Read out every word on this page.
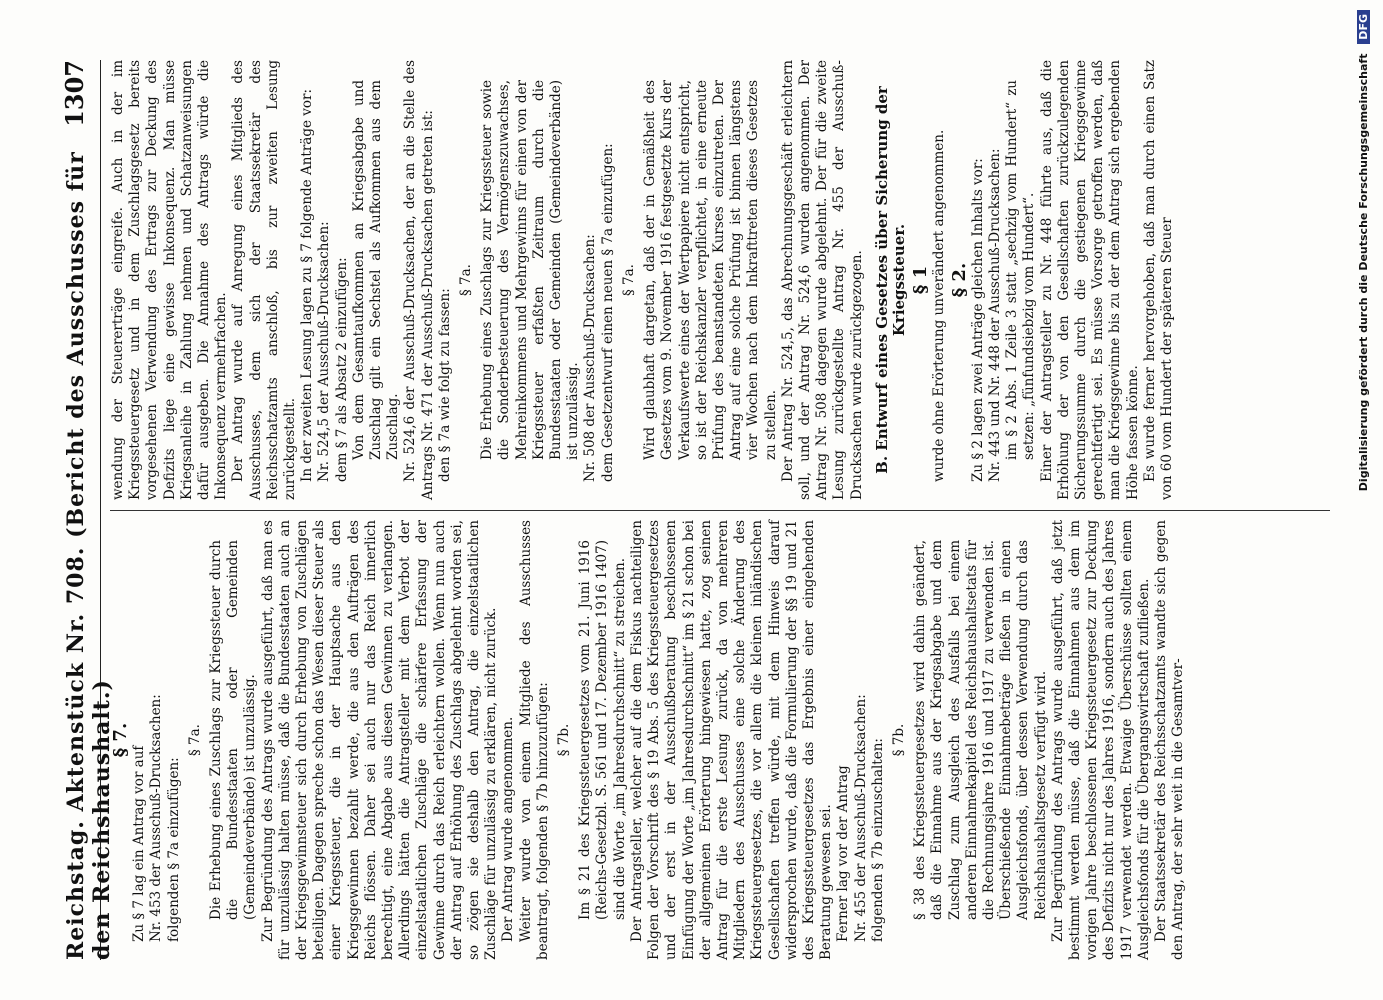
Reichstag. Aktenstück Nr. 708. (Bericht des Ausschusses für den Reichshaushalt.)
1307

§ 7.

Zu § 7 lag ein Antrag vor auf Nr. 453 der Ausschuß-Drucksachen: folgenden § 7a einzufügen:

§ 7a. Die Erhebung eines Zuschlags zur Kriegssteuer durch die Bundesstaaten oder Gemeinden (Gemeindeverbände) ist unzulässig. Zur Begründung des Antrags wurde ausgeführt, daß man es für unzulässig halten müsse, daß die Bundesstaaten auch an der Kriegsgewinnsteuer sich durch Erhebung von Zuschlägen beteiligen. Dagegen spreche schon das Wesen dieser Steuer als einer Kriegssteuer, die in der Hauptsache aus den Kriegsgewinnen bezahlt werde, die aus den Aufträgen des Reichs flössen. Daher sei auch nur das Reich innerlich berechtigt, eine Abgabe aus diesen Gewinnen zu verlangen. Allerdings hätten die Antragsteller mit dem Verbot der einzelstaatlichen Zuschläge die schärfere Erfassung der Gewinne durch das Reich erleichtern wollen. Wenn nun auch der Antrag auf Erhöhung des Zuschlags abgelehnt worden sei, so zögen sie deshalb den Antrag, die einzelstaatlichen Zuschläge für unzulässig zu erklären, nicht zurück. Der Antrag wurde angenommen. Weiter wurde von einem Mitgliede des Ausschusses beantragt, folgenden § 7b hinzuzufügen: § 7b. Im § 21 des Kriegssteuergesetzes vom 21. Juni 1916 (Reichs-Gesetzbl. S. 561 und 17. Dezember 1916 1407) sind die Worte „im Jahresdurchschnitt“ zu streichen. Der Antragsteller, welcher auf die dem Fiskus nachteiligen Folgen der Vorschrift des § 19 Abs. 5 des Kriegssteuergesetzes und der erst in der Ausschußberatung beschlossenen Einfügung der Worte „im Jahresdurchschnitt“ im § 21 schon bei der allgemeinen Erörterung hingewiesen hatte, zog seinen Antrag für die erste Lesung zurück, da von mehreren Mitgliedern des Ausschusses eine solche Änderung des Kriegssteuergesetzes, die vor allem die kleinen inländischen Gesellschaften treffen würde, mit dem Hinweis darauf widersprochen wurde, daß die Formulierung der §§ 19 und 21 des Kriegssteuergesetzes das Ergebnis einer eingehenden Beratung gewesen sei. Ferner lag vor der Antrag Nr. 455 der Ausschuß-Drucksachen: folgenden § 7b einzuschalten: § 7b. § 38 des Kriegssteuergesetzes wird dahin geändert, daß die Einnahme aus der Kriegsabgabe und dem Zuschlag zum Ausgleich des Ausfalls bei einem anderen Einnahmekapitel des Reichshaushaltsetats für die Rechnungsjahre 1916 und 1917 zu verwenden ist. Überschießende Einnahmebeträge fließen in einen Ausgleichsfonds, über dessen Verwendung durch das Reichshaushaltsgesetz verfügt wird. Zur Begründung des Antrags wurde ausgeführt, daß jetzt bestimmt werden müsse, daß die Einnahmen aus dem im vorigen Jahre beschlossenen Kriegssteuergesetz zur Deckung des Defizits nicht nur des Jahres 1916, sondern auch des Jahres 1917 verwendet werden. Etwaige Überschüsse sollten einem Ausgleichsfonds für die Übergangswirtschaft zufließen. Der Staatssekretär des Reichsschatzamts wandte sich gegen den Antrag, der sehr weit in die Gesamtver-

wendung der Steuererträge eingreife. Auch in der im Kriegssteuergesetz und in dem Zuschlagsgesetz bereits vorgesehenen Verwendung des Ertrags zur Deckung des Defizits liege eine gewisse Inkonsequenz. Man müsse Kriegsanleihe in Zahlung nehmen und Schatzanweisungen dafür ausgeben. Die Annahme des Antrags würde die Inkonsequenz vermehrfachen. Der Antrag wurde auf Anregung eines Mitglieds des Ausschusses, dem sich der Staatssekretär des Reichsschatzamts anschloß, bis zur zweiten Lesung zurückgestellt. In der zweiten Lesung lagen zu § 7 folgende Anträge vor: Nr. 524,5 der Ausschuß-Drucksachen: dem § 7 als Absatz 2 einzufügen: Von dem Gesamtaufkommen an Kriegsabgabe und Zuschlag gilt ein Sechstel als Aufkommen aus dem Zuschlag. Nr. 524,6 der Ausschuß-Drucksachen, der an die Stelle des Antrags Nr. 471 der Ausschuß-Drucksachen getreten ist: den § 7a wie folgt zu fassen:

§ 7a. Die Erhebung eines Zuschlags zur Kriegssteuer sowie die Sonderbesteuerung des Vermögenszuwachses, Mehreinkommens und Mehrgewinns für einen von der Kriegssteuer erfaßten Zeitraum durch die Bundesstaaten oder Gemeinden (Gemeindeverbände) ist unzulässig. Nr. 508 der Ausschuß-Drucksachen: dem Gesetzentwurf einen neuen § 7a einzufügen: § 7a. Wird glaubhaft dargetan, daß der in Gemäßheit des Gesetzes vom 9. November 1916 festgesetzte Kurs der Verkaufswerte eines der Wertpapiere nicht entspricht, so ist der Reichskanzler verpflichtet, in eine erneute Prüfung des beanstandeten Kurses einzutreten. Der Antrag auf eine solche Prüfung ist binnen längstens vier Wochen nach dem Inkrafttreten dieses Gesetzes zu stellen. Der Antrag Nr. 524,5, das Abrechnungsgeschäft erleichtern soll, und der Antrag Nr. 524,6 wurden angenommen. Der Antrag Nr. 508 dagegen wurde abgelehnt. Der für die zweite Lesung zurückgestellte Antrag Nr. 455 der Ausschuß-Drucksachen wurde zurückgezogen. B. Entwurf eines Gesetzes über Sicherung der Kriegssteuer. § 1 wurde ohne Erörterung unverändert angenommen. § 2. Zu § 2 lagen zwei Anträge gleichen Inhalts vor: Nr. 443 und Nr. 448 der Ausschuß-Drucksachen: im § 2 Abs. 1 Zeile 3 statt „sechzig vom Hundert“ zu setzen: „fünfundsiebzig vom Hundert“. Einer der Antragsteller zu Nr. 448 führte aus, daß die Erhöhung der von den Gesellschaften zurückzulegenden Sicherungssumme durch die gestiegenen Kriegsgewinne gerechtfertigt sei. Es müsse Vorsorge getroffen werden, daß man die Kriegsgewinne bis zu der dem Antrag sich ergebenden Höhe fassen könne. Es wurde ferner hervorgehoben, daß man durch einen Satz von 60 vom Hundert der späteren Steuer	Digitalisierung gefördert durch die Deutsche Forschungsgemeinschaft DFG
